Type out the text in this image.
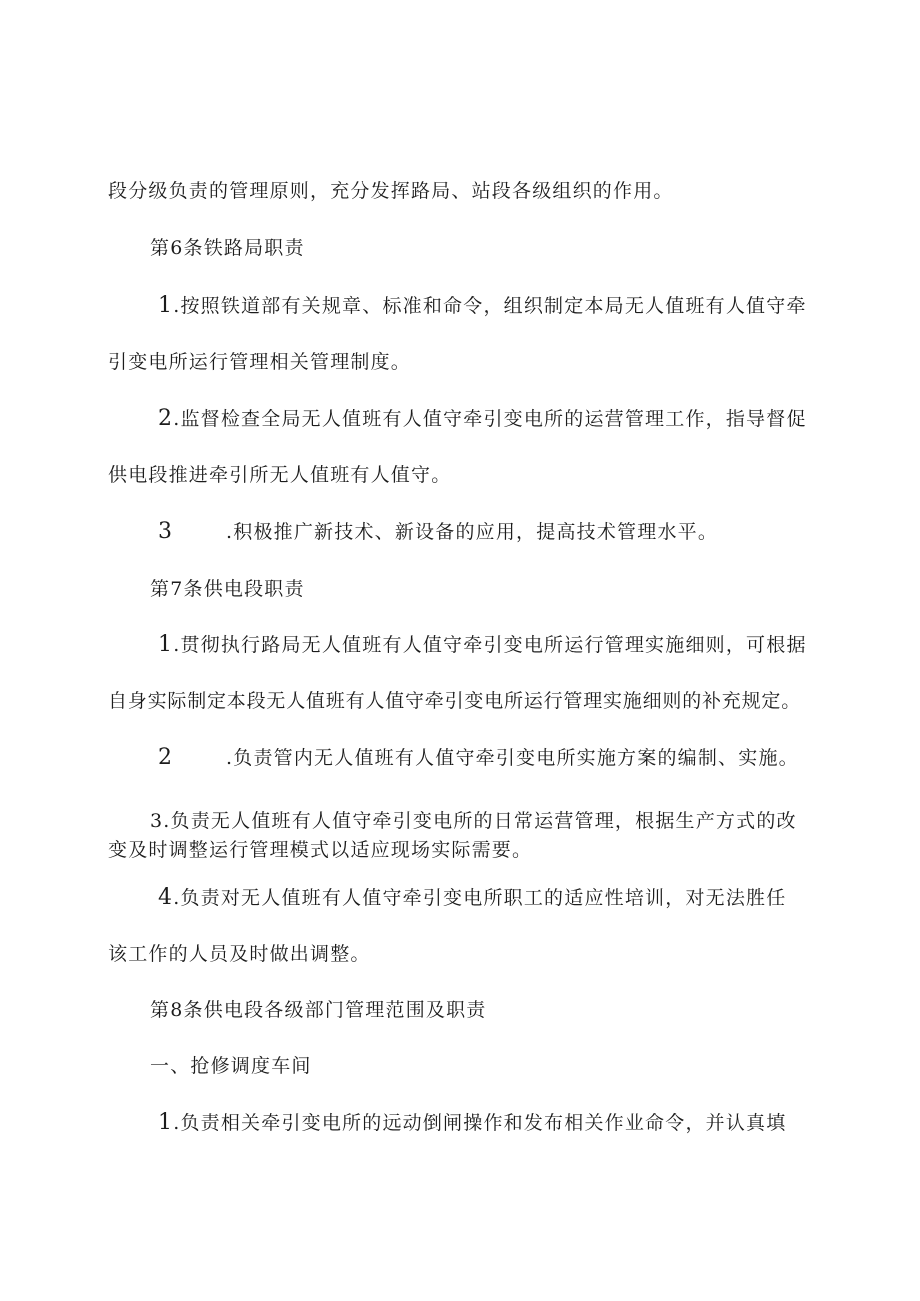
段分级负责的管理原则，充分发挥路局、站段各级组织的作用。
第6条铁路局职责
1.按照铁道部有关规章、标准和命令，组织制定本局无人值班有人值守牵
引变电所运行管理相关管理制度。
2.监督检查全局无人值班有人值守牵引变电所的运营管理工作，指导督促
供电段推进牵引所无人值班有人值守。
3	.积极推广新技术、新设备的应用，提高技术管理水平。
第7条供电段职责
1.贯彻执行路局无人值班有人值守牵引变电所运行管理实施细则，可根据
自身实际制定本段无人值班有人值守牵引变电所运行管理实施细则的补充规定。
2	.负责管内无人值班有人值守牵引变电所实施方案的编制、实施。
3.负责无人值班有人值守牵引变电所的日常运营管理，根据生产方式的改
变及时调整运行管理模式以适应现场实际需要。
4.负责对无人值班有人值守牵引变电所职工的适应性培训，对无法胜任
该工作的人员及时做出调整。
第8条供电段各级部门管理范围及职责
一、抢修调度车间
1.负责相关牵引变电所的远动倒闸操作和发布相关作业命令，并认真填
